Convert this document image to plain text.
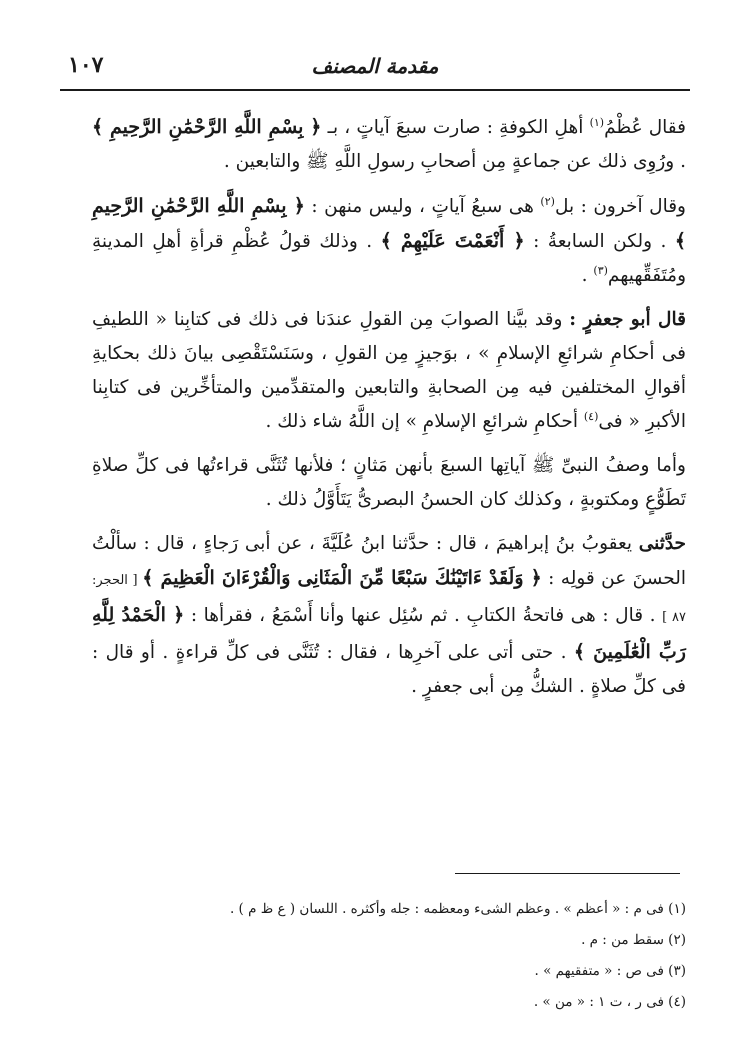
مقدمة المصنف
١٠٧

فقال عُظْمُ$^{(١)}$ أهلِ الكوفةِ : صارت سبعَ آياتٍ ، بـ ﴿ بِسْمِ اللَّهِ الرَّحْمَٰنِ الرَّحِيمِ ﴾ . ورُوِى ذلك عن جماعةٍ مِن أصحابِ رسولِ اللَّهِ ﷺ والتابعين .

وقال آخرون : بل$^{(٢)}$ هى سبعُ آياتٍ ، وليس منهن : ﴿ بِسْمِ اللَّهِ الرَّحْمَٰنِ الرَّحِيمِ ﴾ . ولكن السابعةُ : ﴿ أَنْعَمْتَ عَلَيْهِمْ ﴾ . وذلك قولُ عُظْمِ قرأةِ أهلِ المدينةِ ومُتَفَقِّهيهم$^{(٣)}$ .

قال أبو جعفرٍ : وقد بيَّنا الصوابَ مِن القولِ عندَنا فى ذلك فى كتابِنا « اللطيفِ فى أحكامِ شرائعِ الإسلامِ » ، بوَجيزٍ مِن القولِ ، وسَنَسْتَقْصِى بيانَ ذلك بحكايةِ أقوالِ المختلفين فيه مِن الصحابةِ والتابعين والمتقدِّمين والمتأخِّرين فى كتابِنا الأكبرِ « فى$^{(٤)}$ أحكامِ شرائعِ الإسلامِ » إن اللَّهُ شاء ذلك .

وأما وصفُ النبىِّ ﷺ آياتِها السبعَ بأنهن مَثانٍ ؛ فلأنها تُثَنَّى قراءتُها فى كلِّ صلاةِ تَطَوُّعٍ ومكتوبةٍ ، وكذلك كان الحسنُ البصرىُّ يَتَأَوَّلُ ذلك .

حدَّثنى يعقوبُ بنُ إبراهيمَ ، قال : حدَّثنا ابنُ عُلَيَّةَ ، عن أبى رَجاءٍ ، قال : سألْتُ الحسنَ عن قولِه : ﴿ وَلَقَدْ ءَاتَيْنَٰكَ سَبْعًا مِّنَ الْمَثَانِى وَالْقُرْءَانَ الْعَظِيمَ ﴾ [ الحجر: ٨٧ ] . قال : هى فاتحةُ الكتابِ . ثم سُئِل عنها وأنا أَسْمَعُ ، فقرأها : ﴿ الْحَمْدُ لِلَّهِ رَبِّ الْعَٰلَمِينَ ﴾ . حتى أتى على آخرِها ، فقال : تُثَنَّى فى كلِّ قراءةٍ . أو قال : فى كلِّ صلاةٍ . الشكُّ مِن أبى جعفرٍ .

(١) فى م : « أعظم » . وعظم الشىء ومعظمه : جله وأكثره . اللسان ( ع ظ م ) .
(٢) سقط من : م .
(٣) فى ص : « متفقيهم » .
(٤) فى ر ، ت ١ : « من » .
